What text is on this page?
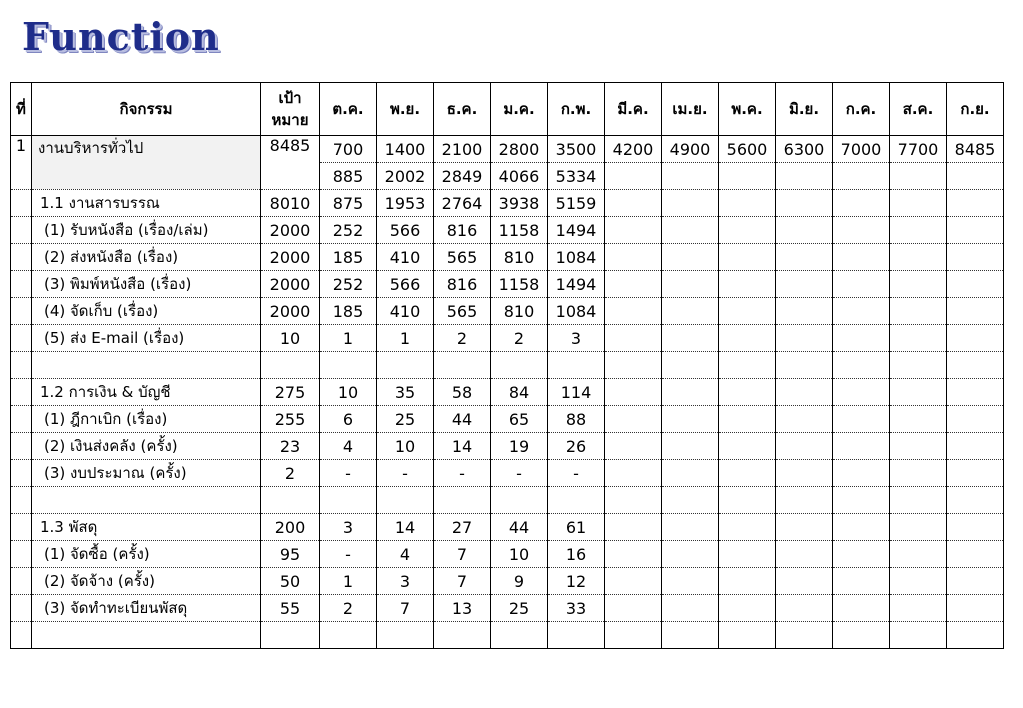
Function
ที่	กิจกรรม	เป้าหมาย	ต.ค.	พ.ย.	ธ.ค.	ม.ค.	ก.พ.	มี.ค.	เม.ย.	พ.ค.	มิ.ย.	ก.ค.	ส.ค.	ก.ย.
1	งานบริหารทั่วไป	8485	700	1400	2100	2800	3500	4200	4900	5600	6300	7000	7700	8485
			885	2002	2849	4066	5334							
	1.1 งานสารบรรณ	8010	875	1953	2764	3938	5159							
	(1) รับหนังสือ (เรื่อง/เล่ม)	2000	252	566	816	1158	1494							
	(2) ส่งหนังสือ (เรื่อง)	2000	185	410	565	810	1084							
	(3) พิมพ์หนังสือ (เรื่อง)	2000	252	566	816	1158	1494							
	(4) จัดเก็บ (เรื่อง)	2000	185	410	565	810	1084							
	(5) ส่ง E-mail (เรื่อง)	10	1	1	2	2	3							

	1.2 การเงิน & บัญชี	275	10	35	58	84	114							
	(1) ฎีกาเบิก (เรื่อง)	255	6	25	44	65	88							
	(2) เงินส่งคลัง (ครั้ง)	23	4	10	14	19	26							
	(3) งบประมาณ (ครั้ง)	2	-	-	-	-	-							

	1.3 พัสดุ	200	3	14	27	44	61							
	(1) จัดซื้อ (ครั้ง)	95	-	4	7	10	16							
	(2) จัดจ้าง (ครั้ง)	50	1	3	7	9	12							
	(3) จัดทำทะเบียนพัสดุ	55	2	7	13	25	33							
